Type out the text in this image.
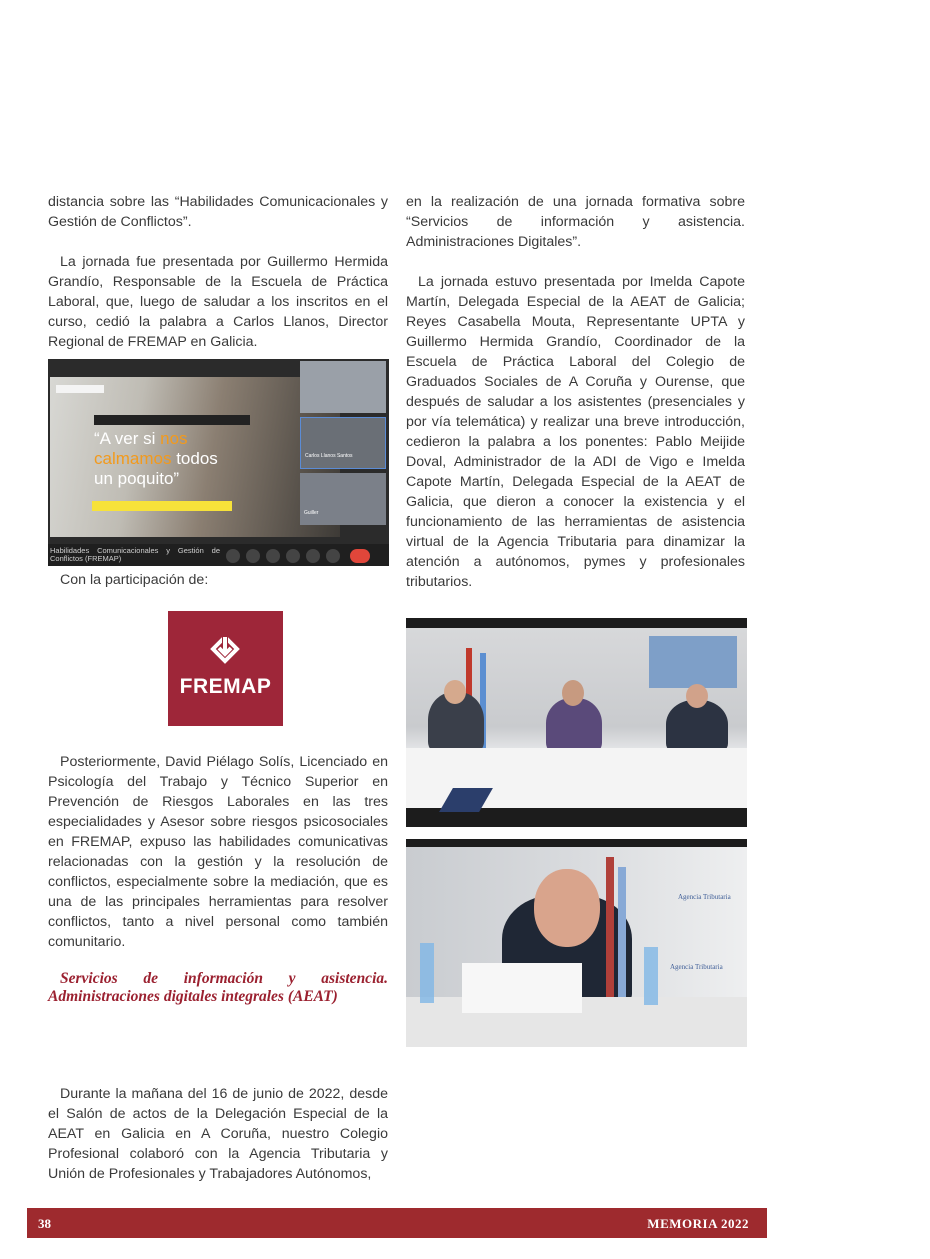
distancia sobre las “Habilidades Comunicacionales y Gestión de Conflictos”.

La jornada fue presentada por Guillermo Hermida Grandío, Responsable de la Escuela de Práctica Laboral, que, luego de saludar a los inscritos en el curso, cedió la palabra a Carlos Llanos, Director Regional de FREMAP en Galicia.

“A ver si nos
calmamos todos
un poquito”
Carlos Llanos Santos
Guiller
Habilidades Comunicacionales y Gestión de Conflictos (FREMAP)

Con la participación de:

FREMAP

Posteriormente, David Piélago Solís, Licenciado en Psicología del Trabajo y Técnico Superior en Prevención de Riesgos Laborales en las tres especialidades y Asesor sobre riesgos psicosociales en FREMAP, expuso las habilidades comunicativas relacionadas con la gestión y la resolución de conflictos, especialmente sobre la mediación, que es una de las principales herramientas para resolver conflictos, tanto a nivel personal como también comunitario.

Servicios de información y asistencia. Administraciones digitales integrales (AEAT)

Durante la mañana del 16 de junio de 2022, desde el Salón de actos de la Delegación Especial de la AEAT en Galicia en A Coruña, nuestro Colegio Profesional colaboró con la Agencia Tributaria y Unión de Profesionales y Trabajadores Autónomos,

en la realización de una jornada formativa sobre “Servicios de información y asistencia. Administraciones Digitales”.

La jornada estuvo presentada por Imelda Capote Martín, Delegada Especial de la AEAT de Galicia; Reyes Casabella Mouta, Representante UPTA y Guillermo Hermida Grandío, Coordinador de la Escuela de Práctica Laboral del Colegio de Graduados Sociales de A Coruña y Ourense, que después de saludar a los asistentes (presenciales y por vía telemática) y realizar una breve introducción, cedieron la palabra a los ponentes: Pablo Meijide Doval, Administrador de la ADI de Vigo e Imelda Capote Martín, Delegada Especial de la AEAT de Galicia, que dieron a conocer la existencia y el funcionamiento de las herramientas de asistencia virtual de la Agencia Tributaria para dinamizar la atención a autónomos, pymes y profesionales tributarios.

Agencia Tributaria
Agencia Tributaria
38	MEMORIA 2022
